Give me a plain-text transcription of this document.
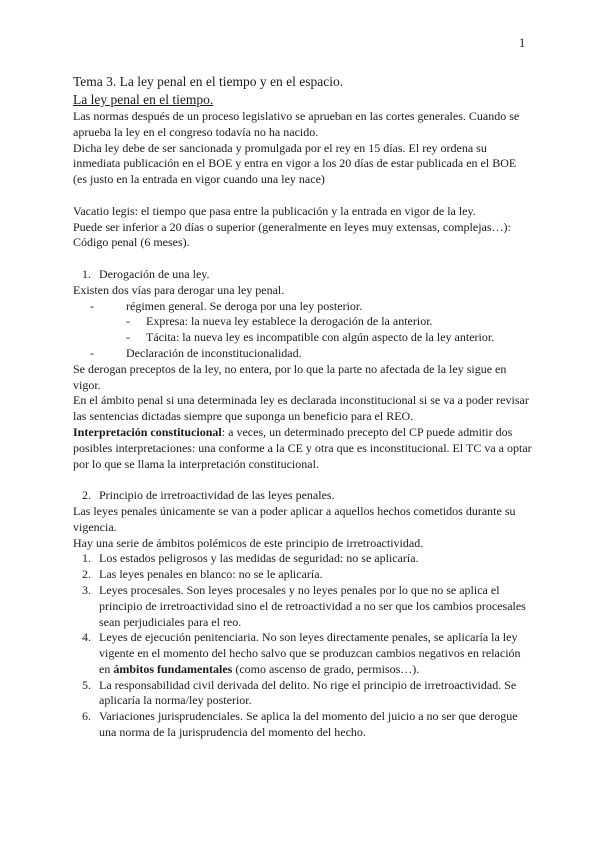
1

Tema 3. La ley penal en el tiempo y en el espacio.

La ley penal en el tiempo.

Las normas después de un proceso legislativo se aprueban en las cortes generales. Cuando se aprueba la ley en el congreso todavía no ha nacido.

Dicha ley debe de ser sancionada y promulgada por el rey en 15 días. El rey ordena su inmediata publicación en el BOE y entra en vigor a los 20 días de estar publicada en el BOE (es justo en la entrada en vigor cuando una ley nace)

Vacatio legis: el tiempo que pasa entre la publicación y la entrada en vigor de la ley.

Puede ser inferior a 20 días o superior (generalmente en leyes muy extensas, complejas…): Código penal (6 meses).

1. Derogación de una ley.

Existen dos vías para derogar una ley penal.

-	régimen general. Se deroga por una ley posterior.
-	Expresa: la nueva ley establece la derogación de la anterior.
-	Tácita: la nueva ley es incompatible con algún aspecto de la ley anterior.
-	Declaración de inconstitucionalidad.

Se derogan preceptos de la ley, no entera, por lo que la parte no afectada de la ley sigue en vigor.

En el ámbito penal si una determinada ley es declarada inconstitucional si se va a poder revisar las sentencias dictadas siempre que suponga un beneficio para el REO.

Interpretación constitucional: a veces, un determinado precepto del CP puede admitir dos posibles interpretaciones: una conforme a la CE y otra que es inconstitucional. El TC va a optar por lo que se llama la interpretación constitucional.

2. Principio de irretroactividad de las leyes penales.

Las leyes penales únicamente se van a poder aplicar a aquellos hechos cometidos durante su vigencia.

Hay una serie de ámbitos polémicos de este principio de irretroactividad.

1. Los estados peligrosos y las medidas de seguridad: no se aplicaría.
2. Las leyes penales en blanco: no se le aplicaría.
3. Leyes procesales. Son leyes procesales y no leyes penales por lo que no se aplica el principio de irretroactividad sino el de retroactividad a no ser que los cambios procesales sean perjudiciales para el reo.
4. Leyes de ejecución penitenciaria. No son leyes directamente penales, se aplicaría la ley vigente en el momento del hecho salvo que se produzcan cambios negativos en relación en ámbitos fundamentales (como ascenso de grado, permisos…).
5. La responsabilidad civil derivada del delito. No rige el principio de irretroactividad. Se aplicaría la norma/ley posterior.
6. Variaciones jurisprudenciales. Se aplica la del momento del juicio a no ser que derogue una norma de la jurisprudencia del momento del hecho.
